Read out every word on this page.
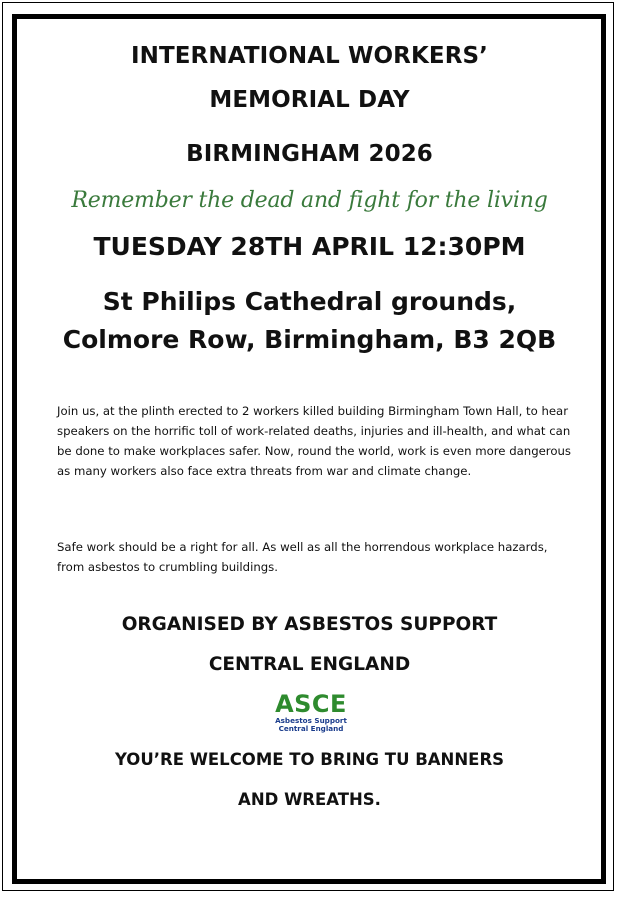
INTERNATIONAL WORKERS’
MEMORIAL DAY
BIRMINGHAM 2026
Remember the dead and fight for the living
TUESDAY 28TH APRIL 12:30PM
St Philips Cathedral grounds,
Colmore Row, Birmingham, B3 2QB
Join us, at the plinth erected to 2 workers killed building Birmingham Town Hall, to hear speakers on the horrific toll of work-related deaths, injuries and ill-health, and what can be done to make workplaces safer. Now, round the world, work is even more dangerous as many workers also face extra threats from war and climate change.
Safe work should be a right for all. As well as all the horrendous workplace hazards, from asbestos to crumbling buildings.
ORGANISED BY ASBESTOS SUPPORT
CENTRAL ENGLAND
ASCE
Asbestos Support
Central England
YOU’RE WELCOME TO BRING TU BANNERS
AND WREATHS.
